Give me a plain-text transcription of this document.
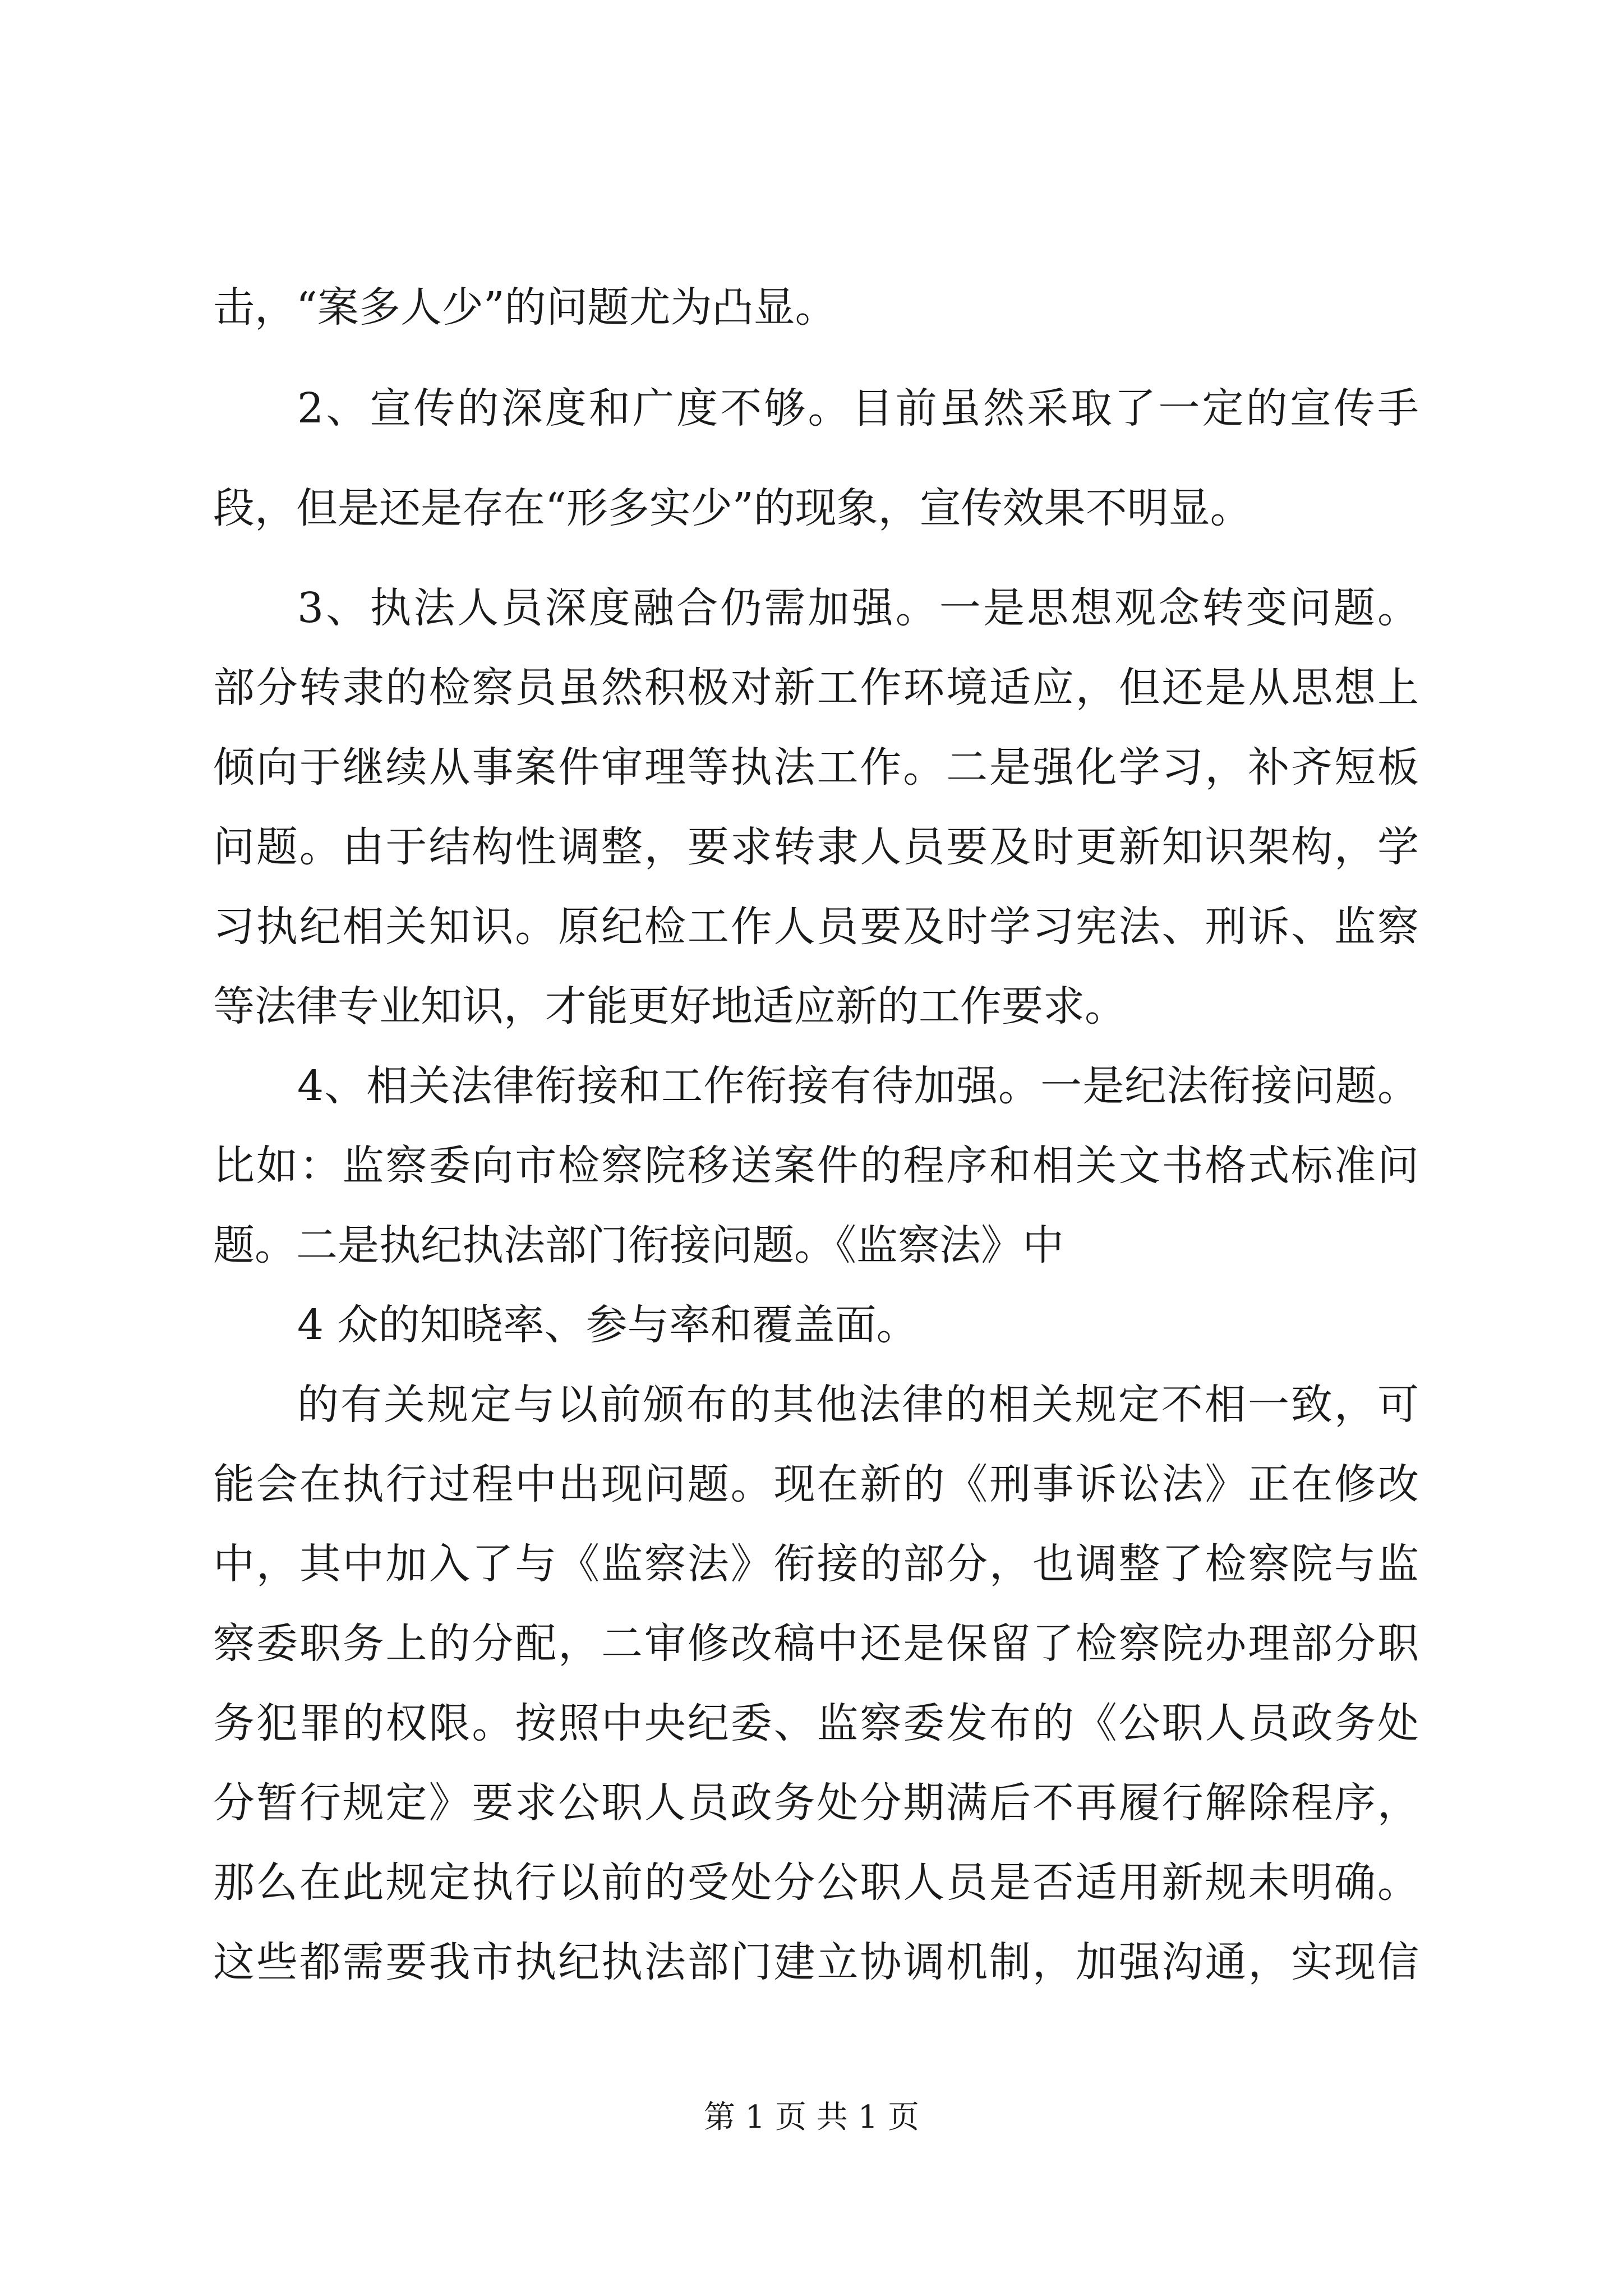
击，“案多人少”的问题尤为凸显。
2、宣传的深度和广度不够。目前虽然采取了一定的宣传手
段，但是还是存在“形多实少”的现象，宣传效果不明显。
3、执法人员深度融合仍需加强。一是思想观念转变问题。
部分转隶的检察员虽然积极对新工作环境适应，但还是从思想上
倾向于继续从事案件审理等执法工作。二是强化学习，补齐短板
问题。由于结构性调整，要求转隶人员要及时更新知识架构，学
习执纪相关知识。原纪检工作人员要及时学习宪法、刑诉、监察
等法律专业知识，才能更好地适应新的工作要求。
4、相关法律衔接和工作衔接有待加强。一是纪法衔接问题。
比如：监察委向市检察院移送案件的程序和相关文书格式标准问
题。二是执纪执法部门衔接问题。《监察法》中
4 众的知晓率、参与率和覆盖面。
的有关规定与以前颁布的其他法律的相关规定不相一致，可
能会在执行过程中出现问题。现在新的《刑事诉讼法》正在修改
中，其中加入了与《监察法》衔接的部分，也调整了检察院与监
察委职务上的分配，二审修改稿中还是保留了检察院办理部分职
务犯罪的权限。按照中央纪委、监察委发布的《公职人员政务处
分暂行规定》要求公职人员政务处分期满后不再履行解除程序，
那么在此规定执行以前的受处分公职人员是否适用新规未明确。
这些都需要我市执纪执法部门建立协调机制，加强沟通，实现信
第 1 页 共 1 页
